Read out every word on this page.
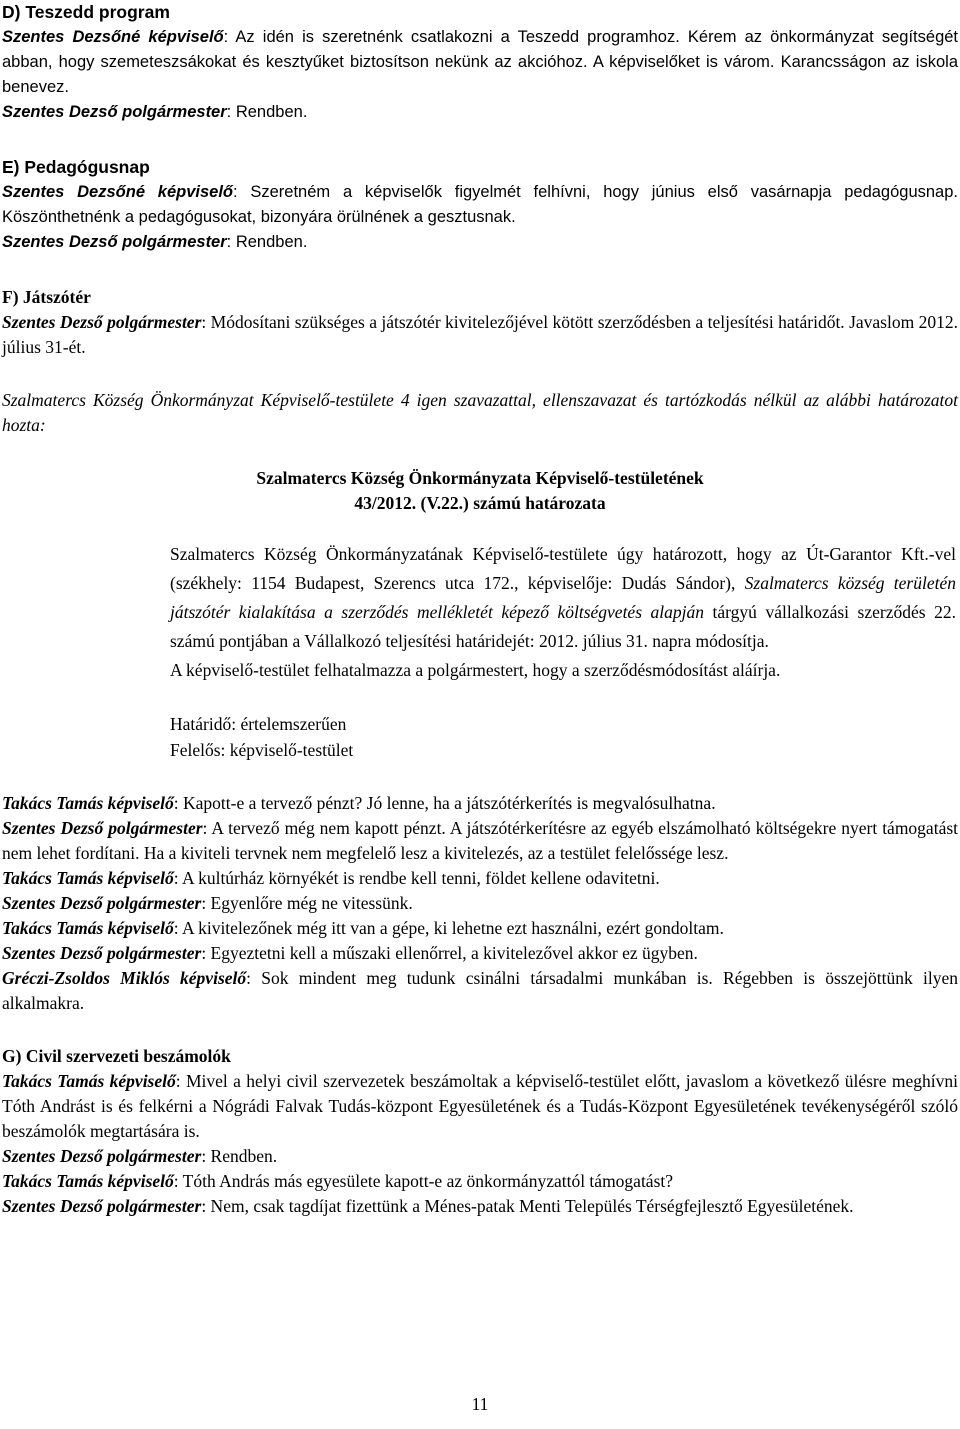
D) Teszedd program

Szentes Dezsőné képviselő: Az idén is szeretnénk csatlakozni a Teszedd programhoz. Kérem az önkormányzat segítségét abban, hogy szemeteszsákokat és kesztyűket biztosítson nekünk az akcióhoz. A képviselőket is várom. Karancsságon az iskola benevez.

Szentes Dezső polgármester: Rendben.

E) Pedagógusnap

Szentes Dezsőné képviselő: Szeretném a képviselők figyelmét felhívni, hogy június első vasárnapja pedagógusnap. Köszönthetnénk a pedagógusokat, bizonyára örülnének a gesztusnak.

Szentes Dezső polgármester: Rendben.

F) Játszótér

Szentes Dezső polgármester: Módosítani szükséges a játszótér kivitelezőjével kötött szerződésben a teljesítési határidőt. Javaslom 2012. július 31-ét.

Szalmatercs Község Önkormányzat Képviselő-testülete 4 igen szavazattal, ellenszavazat és tartózkodás nélkül az alábbi határozatot hozta:

Szalmatercs Község Önkormányzata Képviselő-testületének

43/2012. (V.22.) számú határozata

Szalmatercs Község Önkormányzatának Képviselő-testülete úgy határozott, hogy az Út-Garantor Kft.-vel (székhely: 1154 Budapest, Szerencs utca 172., képviselője: Dudás Sándor), Szalmatercs község területén játszótér kialakítása a szerződés mellékletét képező költségvetés alapján tárgyú vállalkozási szerződés 22. számú pontjában a Vállalkozó teljesítési határidejét: 2012. július 31. napra módosítja.

A képviselő-testület felhatalmazza a polgármestert, hogy a szerződésmódosítást aláírja.

Határidő: értelemszerűen

Felelős: képviselő-testület

Takács Tamás képviselő: Kapott-e a tervező pénzt? Jó lenne, ha a játszótérkerítés is megvalósulhatna.

Szentes Dezső polgármester: A tervező még nem kapott pénzt. A játszótérkerítésre az egyéb elszámolható költségekre nyert támogatást nem lehet fordítani. Ha a kiviteli tervnek nem megfelelő lesz a kivitelezés, az a testület felelőssége lesz.

Takács Tamás képviselő: A kultúrház környékét is rendbe kell tenni, földet kellene odavitetni.

Szentes Dezső polgármester: Egyenlőre még ne vitessünk.

Takács Tamás képviselő: A kivitelezőnek még itt van a gépe, ki lehetne ezt használni, ezért gondoltam.

Szentes Dezső polgármester: Egyeztetni kell a műszaki ellenőrrel, a kivitelezővel akkor ez ügyben.

Gréczi-Zsoldos Miklós képviselő: Sok mindent meg tudunk csinálni társadalmi munkában is. Régebben is összejöttünk ilyen alkalmakra.

G) Civil szervezeti beszámolók

Takács Tamás képviselő: Mivel a helyi civil szervezetek beszámoltak a képviselő-testület előtt, javaslom a következő ülésre meghívni Tóth Andrást is és felkérni a Nógrádi Falvak Tudás-központ Egyesületének és a Tudás-Központ Egyesületének tevékenységéről szóló beszámolók megtartására is.

Szentes Dezső polgármester: Rendben.

Takács Tamás képviselő: Tóth András más egyesülete kapott-e az önkormányzattól támogatást?

Szentes Dezső polgármester: Nem, csak tagdíjat fizettünk a Ménes-patak Menti Település Térségfejlesztő Egyesületének.

11
